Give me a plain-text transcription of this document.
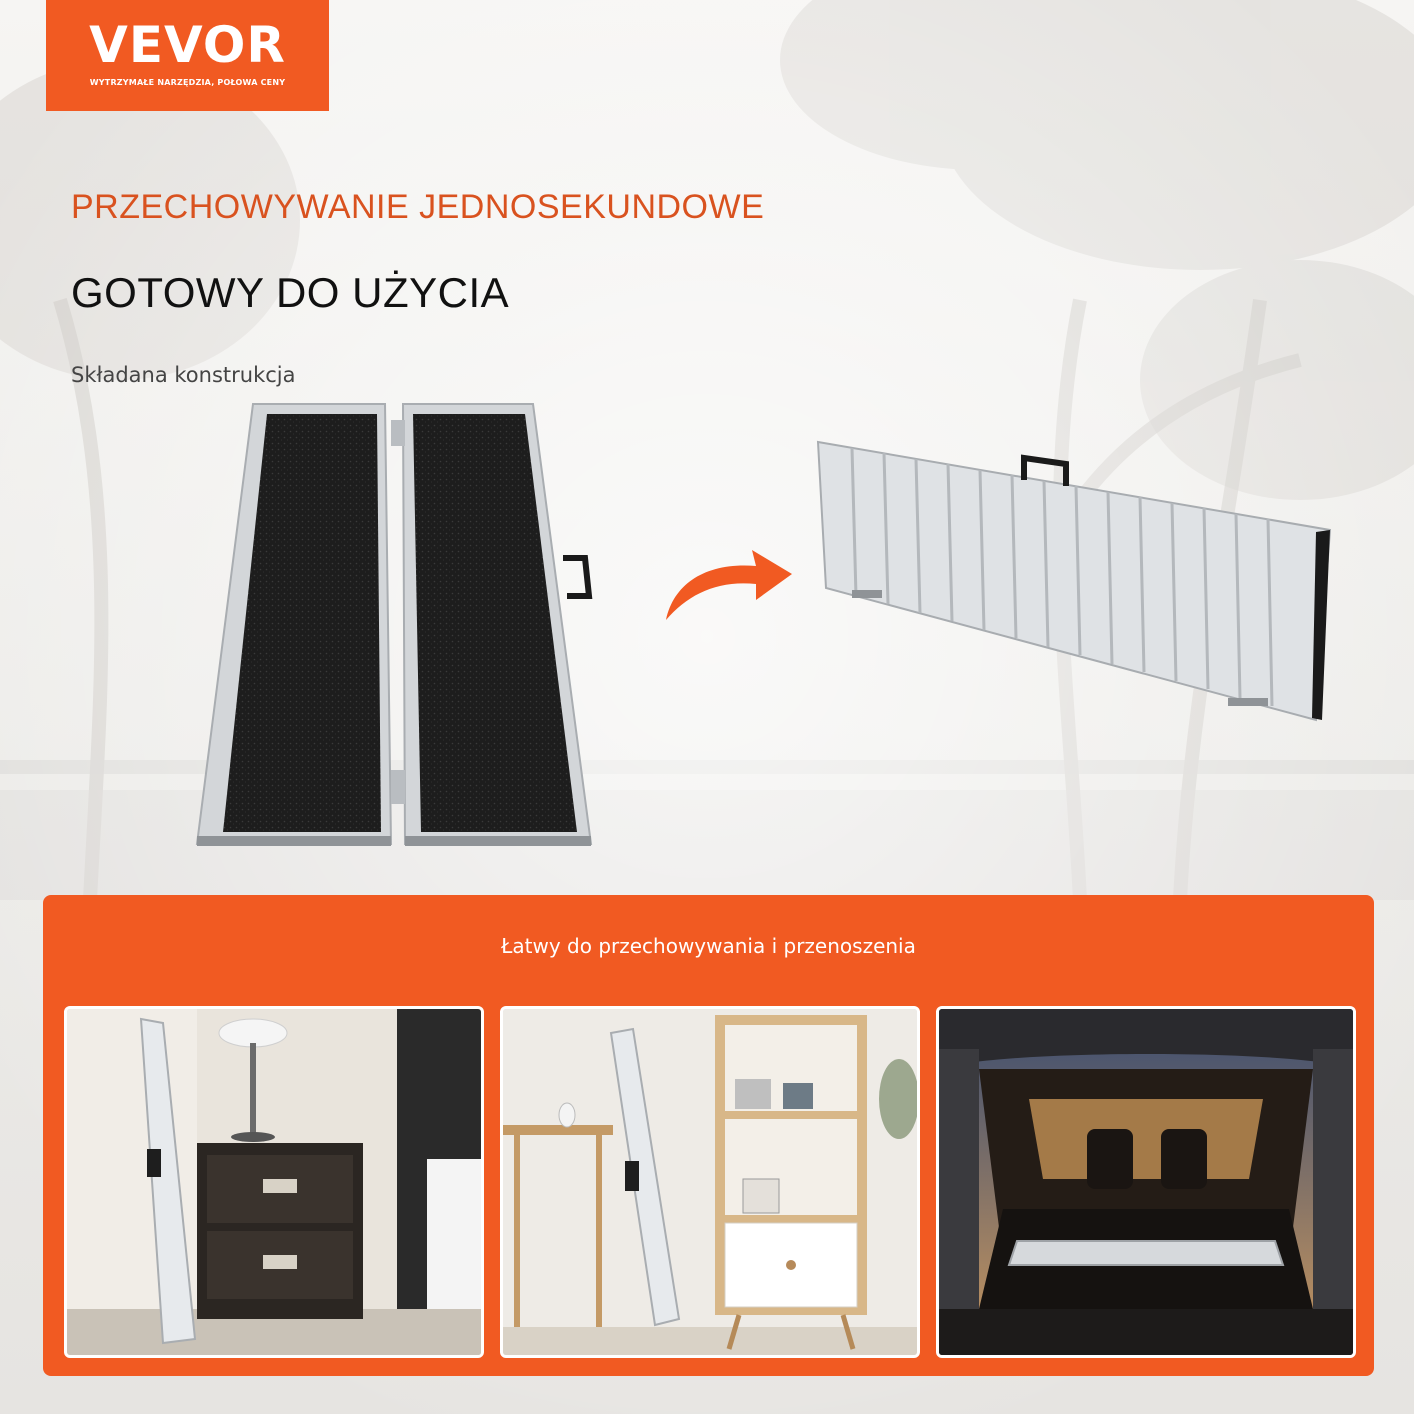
VEVOR
WYTRZYMAŁE NARZĘDZIA, POŁOWA CENY
PRZECHOWYWANIE JEDNOSEKUNDOWE
GOTOWY DO UŻYCIA
Składana konstrukcja
Łatwy do przechowywania i przenoszenia
